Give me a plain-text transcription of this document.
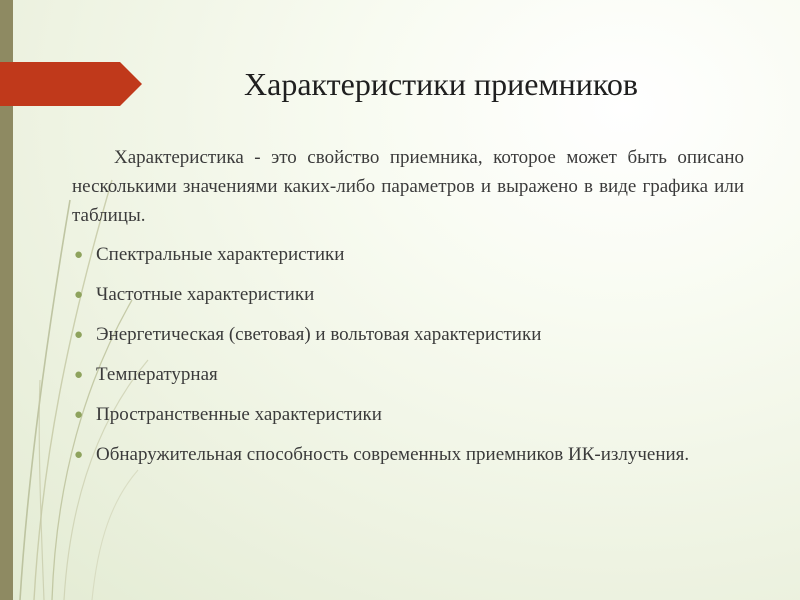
Характеристики приемников

Характеристика - это свойство приемника, которое может быть описано несколькими значениями каких-либо параметров и выражено в виде графика или таблицы.

● Спектральные характеристики
● Частотные характеристики
● Энергетическая (световая) и вольтовая характеристики
● Температурная
● Пространственные характеристики
● Обнаружительная способность современных приемников ИК-излучения.
